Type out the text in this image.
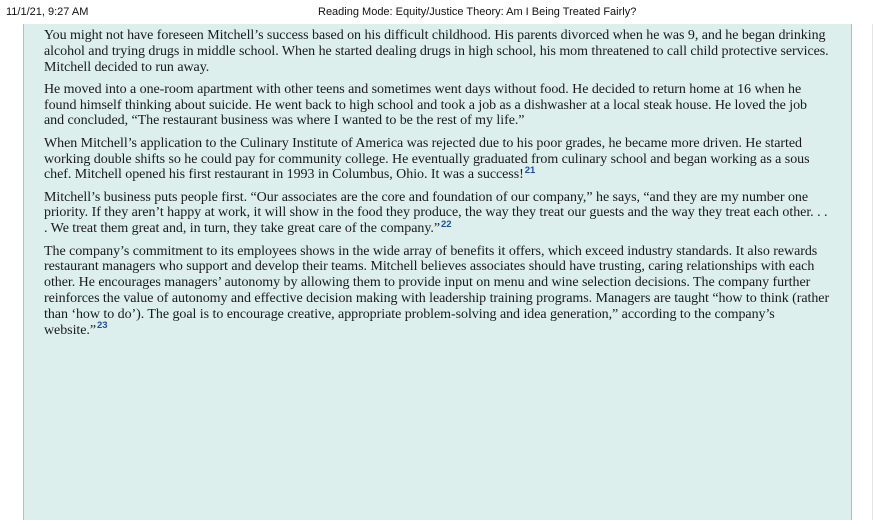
11/1/21, 9:27 AM	Reading Mode: Equity/Justice Theory: Am I Being Treated Fairly?

You might not have foreseen Mitchell’s success based on his difficult childhood. His parents divorced when he was 9, and he began drinking alcohol and trying drugs in middle school. When he started dealing drugs in high school, his mom threatened to call child protective services. Mitchell decided to run away.

He moved into a one-room apartment with other teens and sometimes went days without food. He decided to return home at 16 when he found himself thinking about suicide. He went back to high school and took a job as a dishwasher at a local steak house. He loved the job and concluded, “The restaurant business was where I wanted to be the rest of my life.”

When Mitchell’s application to the Culinary Institute of America was rejected due to his poor grades, he became more driven. He started working double shifts so he could pay for community college. He eventually graduated from culinary school and began working as a sous chef. Mitchell opened his first restaurant in 1993 in Columbus, Ohio. It was a success!$^{21}$

Mitchell’s business puts people first. “Our associates are the core and foundation of our company,” he says, “and they are my number one priority. If they aren’t happy at work, it will show in the food they produce, the way they treat our guests and the way they treat each other. . . . We treat them great and, in turn, they take great care of the company.”$^{22}$

The company’s commitment to its employees shows in the wide array of benefits it offers, which exceed industry standards. It also rewards restaurant managers who support and develop their teams. Mitchell believes associates should have trusting, caring relationships with each other. He encourages managers’ autonomy by allowing them to provide input on menu and wine selection decisions. The company further reinforces the value of autonomy and effective decision making with leadership training programs. Managers are taught “how to think (rather than ‘how to do’). The goal is to encourage creative, appropriate problem-solving and idea generation,” according to the company’s website.”$^{23}$
